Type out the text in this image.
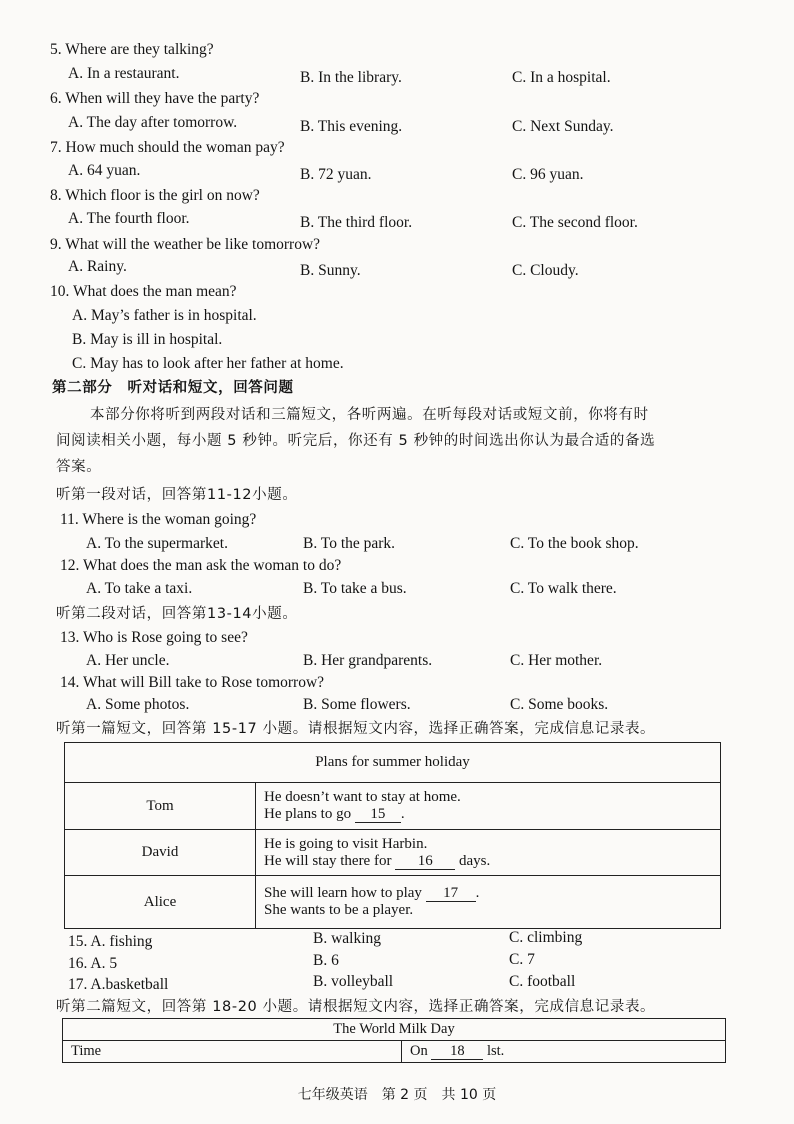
5. Where are they talking?
A. In a restaurant.	B. In the library.	C. In a hospital.
6. When will they have the party?
A. The day after tomorrow.	B. This evening.	C. Next Sunday.
7. How much should the woman pay?
A. 64 yuan.	B. 72 yuan.	C. 96 yuan.
8. Which floor is the girl on now?
A. The fourth floor.	B. The third floor.	C. The second floor.
9. What will the weather be like tomorrow?
A. Rainy.	B. Sunny.	C. Cloudy.
10. What does the man mean?
A. May’s father is in hospital.
B. May is ill in hospital.
C. May has to look after her father at home.
第二部分　听对话和短文，回答问题
本部分你将听到两段对话和三篇短文，各听两遍。在听每段对话或短文前，你将有时
间阅读相关小题，每小题 5 秒钟。听完后，你还有 5 秒钟的时间选出你认为最合适的备选
答案。
听第一段对话，回答第11-12小题。
11. Where is the woman going?
A. To the supermarket.	B. To the park.	C. To the book shop.
12. What does the man ask the woman to do?
A. To take a taxi.	B. To take a bus.	C. To walk there.
听第二段对话，回答第13-14小题。
13. Who is Rose going to see?
A. Her uncle.	B. Her grandparents.	C. Her mother.
14. What will Bill take to Rose tomorrow?
A. Some photos.	B. Some flowers.	C. Some books.
听第一篇短文，回答第 15-17 小题。请根据短文内容，选择正确答案，完成信息记录表。
Plans for summer holiday	
Tom	He doesn’t want to stay at home.
He plans to go 15 .

David	He is going to visit Harbin.
He will stay there for 16 days.

Alice	She will learn how to play 17 .
She wants to be a player.
15. A. fishing	B. walking	C. climbing
16. A. 5	B. 6	C. 7
17. A.basketball	B. volleyball	C. football
听第二篇短文，回答第 18-20 小题。请根据短文内容，选择正确答案，完成信息记录表。
The World Milk Day
Time	On 18 lst.
七年级英语　第 2 页　共 10 页
